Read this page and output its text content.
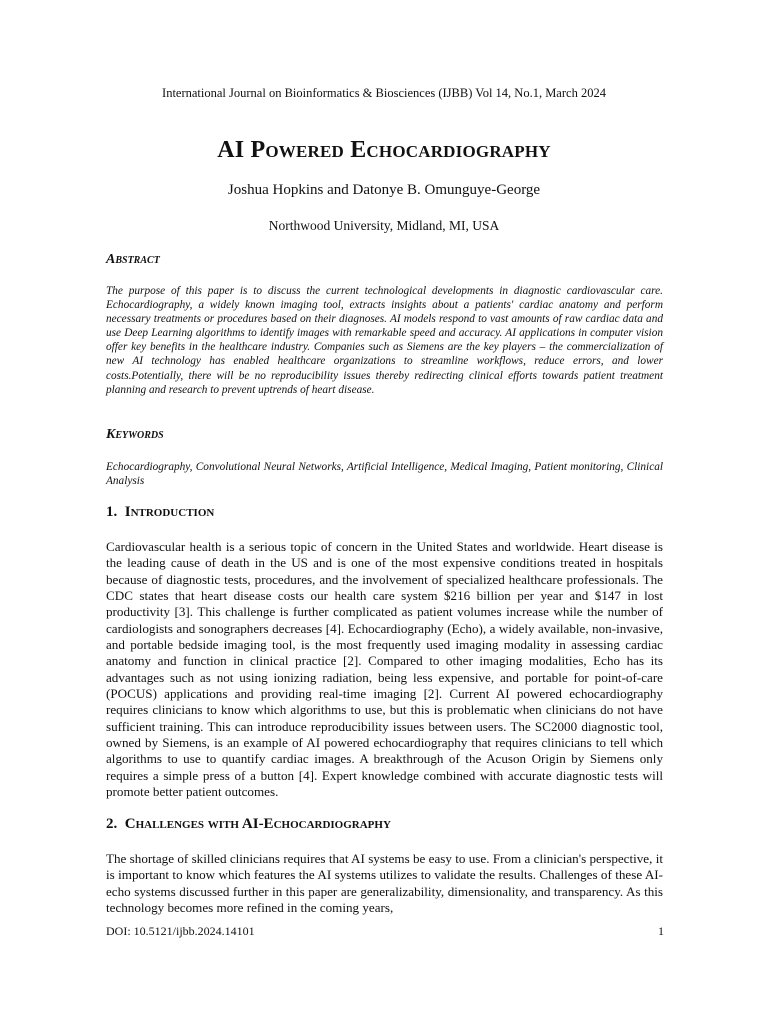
International Journal on Bioinformatics & Biosciences (IJBB) Vol 14, No.1, March 2024
AI Powered Echocardiography
Joshua Hopkins and Datonye B. Omunguye-George
Northwood University, Midland, MI, USA
Abstract
The purpose of this paper is to discuss the current technological developments in diagnostic cardiovascular care. Echocardiography, a widely known imaging tool, extracts insights about a patients' cardiac anatomy and perform necessary treatments or procedures based on their diagnoses. AI models respond to vast amounts of raw cardiac data and use Deep Learning algorithms to identify images with remarkable speed and accuracy. AI applications in computer vision offer key benefits in the healthcare industry. Companies such as Siemens are the key players – the commercialization of new AI technology has enabled healthcare organizations to streamline workflows, reduce errors, and lower costs.Potentially, there will be no reproducibility issues thereby redirecting clinical efforts towards patient treatment planning and research to prevent uptrends of heart disease.
Keywords
Echocardiography, Convolutional Neural Networks, Artificial Intelligence, Medical Imaging, Patient monitoring, Clinical Analysis
1. Introduction
Cardiovascular health is a serious topic of concern in the United States and worldwide. Heart disease is the leading cause of death in the US and is one of the most expensive conditions treated in hospitals because of diagnostic tests, procedures, and the involvement of specialized healthcare professionals. The CDC states that heart disease costs our health care system $216 billion per year and $147 in lost productivity [3]. This challenge is further complicated as patient volumes increase while the number of cardiologists and sonographers decreases [4]. Echocardiography (Echo), a widely available, non-invasive, and portable bedside imaging tool, is the most frequently used imaging modality in assessing cardiac anatomy and function in clinical practice [2]. Compared to other imaging modalities, Echo has its advantages such as not using ionizing radiation, being less expensive, and portable for point-of-care (POCUS) applications and providing real-time imaging [2]. Current AI powered echocardiography requires clinicians to know which algorithms to use, but this is problematic when clinicians do not have sufficient training. This can introduce reproducibility issues between users. The SC2000 diagnostic tool, owned by Siemens, is an example of AI powered echocardiography that requires clinicians to tell which algorithms to use to quantify cardiac images. A breakthrough of the Acuson Origin by Siemens only requires a simple press of a button [4]. Expert knowledge combined with accurate diagnostic tests will promote better patient outcomes.
2. Challenges with AI-Echocardiography
The shortage of skilled clinicians requires that AI systems be easy to use. From a clinician's perspective, it is important to know which features the AI systems utilizes to validate the results. Challenges of these AI-echo systems discussed further in this paper are generalizability, dimensionality, and transparency. As this technology becomes more refined in the coming years,
DOI: 10.5121/ijbb.2024.14101	1
